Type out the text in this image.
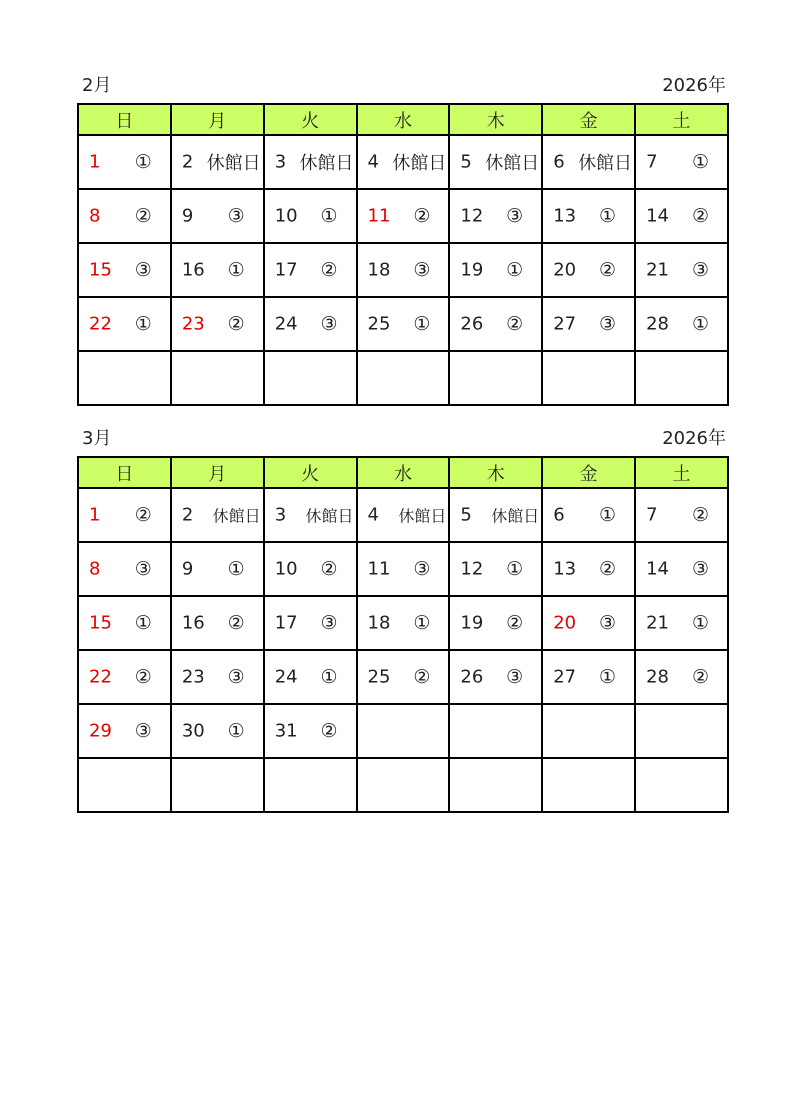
2月	2026年
日	月	火	水	木	金	土

1 ①	2 休館日	3 休館日	4 休館日	5 休館日	6 休館日	7 ①

8 ②	9 ③	10 ①	11 ②	12 ③	13 ①	14 ②

15 ③	16 ①	17 ②	18 ③	19 ①	20 ②	21 ③

22 ①	23 ②	24 ③	25 ①	26 ②	27 ③	28 ①

3月	2026年
日	月	火	水	木	金	土

1 ②	2 休館日	3 休館日	4 休館日	5 休館日	6 ①	7 ②

8 ③	9 ①	10 ②	11 ③	12 ①	13 ②	14 ③

15 ①	16 ②	17 ③	18 ①	19 ②	20 ③	21 ①

22 ②	23 ③	24 ①	25 ②	26 ③	27 ①	28 ②

29 ③	30 ①	31 ②				
